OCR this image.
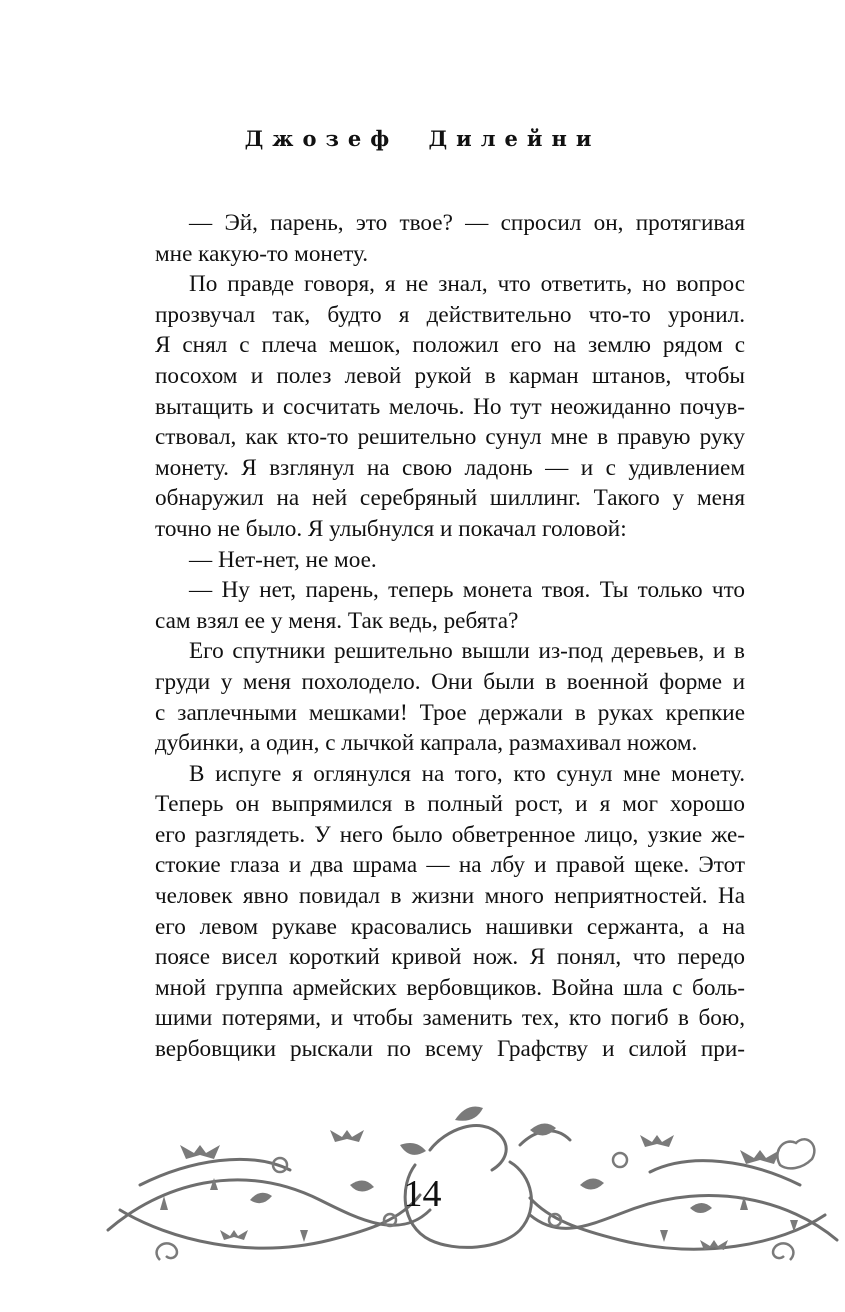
Джозеф Дилейни
— Эй, парень, это твое? — спросил он, протягивая
мне какую-то монету.
По правде говоря, я не знал, что ответить, но вопрос
прозвучал так, будто я действительно что-то уронил.
Я снял с плеча мешок, положил его на землю рядом с
посохом и полез левой рукой в карман штанов, чтобы
вытащить и сосчитать мелочь. Но тут неожиданно почув-
ствовал, как кто-то решительно сунул мне в правую руку
монету. Я взглянул на свою ладонь — и с удивлением
обнаружил на ней серебряный шиллинг. Такого у меня
точно не было. Я улыбнулся и покачал головой:
— Нет-нет, не мое.
— Ну нет, парень, теперь монета твоя. Ты только что
сам взял ее у меня. Так ведь, ребята?
Его спутники решительно вышли из-под деревьев, и в
груди у меня похолодело. Они были в военной форме и
с заплечными мешками! Трое держали в руках крепкие
дубинки, а один, с лычкой капрала, размахивал ножом.
В испуге я оглянулся на того, кто сунул мне монету.
Теперь он выпрямился в полный рост, и я мог хорошо
его разглядеть. У него было обветренное лицо, узкие же-
стокие глаза и два шрама — на лбу и правой щеке. Этот
человек явно повидал в жизни много неприятностей. На
его левом рукаве красовались нашивки сержанта, а на
поясе висел короткий кривой нож. Я понял, что передо
мной группа армейских вербовщиков. Война шла с боль-
шими потерями, и чтобы заменить тех, кто погиб в бою,
вербовщики рыскали по всему Графству и силой при-
14
